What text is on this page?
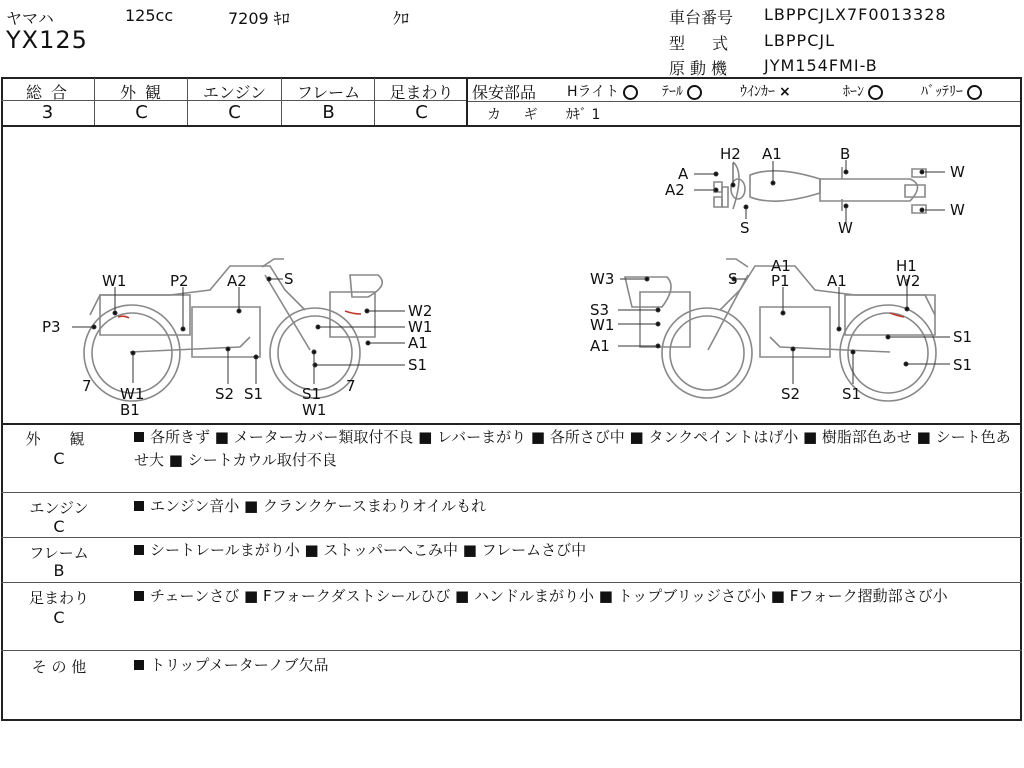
ヤマハ	125cc	7209 ｷﾛ	ｸﾛ
YX125
車台番号 LBPPCJLX7F0013328
型 式 LBPPCJL
原動機 JYM154FMI-B
総 合	外 観	エンジン	フレーム	足まわり
3	C	C	B	C
保安部品 Hライト	ﾃｰﾙ	ｳｲﾝｶｰ ×	ﾎｰﾝ	ﾊﾞｯﾃﾘｰ
カ ギ ｶｷﾞ 1
A
A2
H2 A1	B
W
W
S	W
W1	P2	A2 S
P3
W2
W1
A1
S1
7 W1
B1
S2 S1	S1
W1
7
W3	S
A1
P1 A1
H1
W2
S3
W1
A1	S1
S1
S2	S1
外 観
C
各所きず ■ メーターカバー類取付不良 ■ レバーまがり ■ 各所さび中 ■ タンクペイントはげ小 ■ 樹脂部色あせ ■ シート色あせ大 ■ シートカウル取付不良
エンジン
C
エンジン音小 ■ クランクケースまわりオイルもれ
フレーム
B
シートレールまがり小 ■ ストッパーへこみ中 ■ フレームさび中
足まわり
C
チェーンさび ■ Fフォークダストシールひび ■ ハンドルまがり小 ■ トップブリッジさび小 ■ Fフォーク摺動部さび小
そ の 他	トリップメーターノブ欠品
